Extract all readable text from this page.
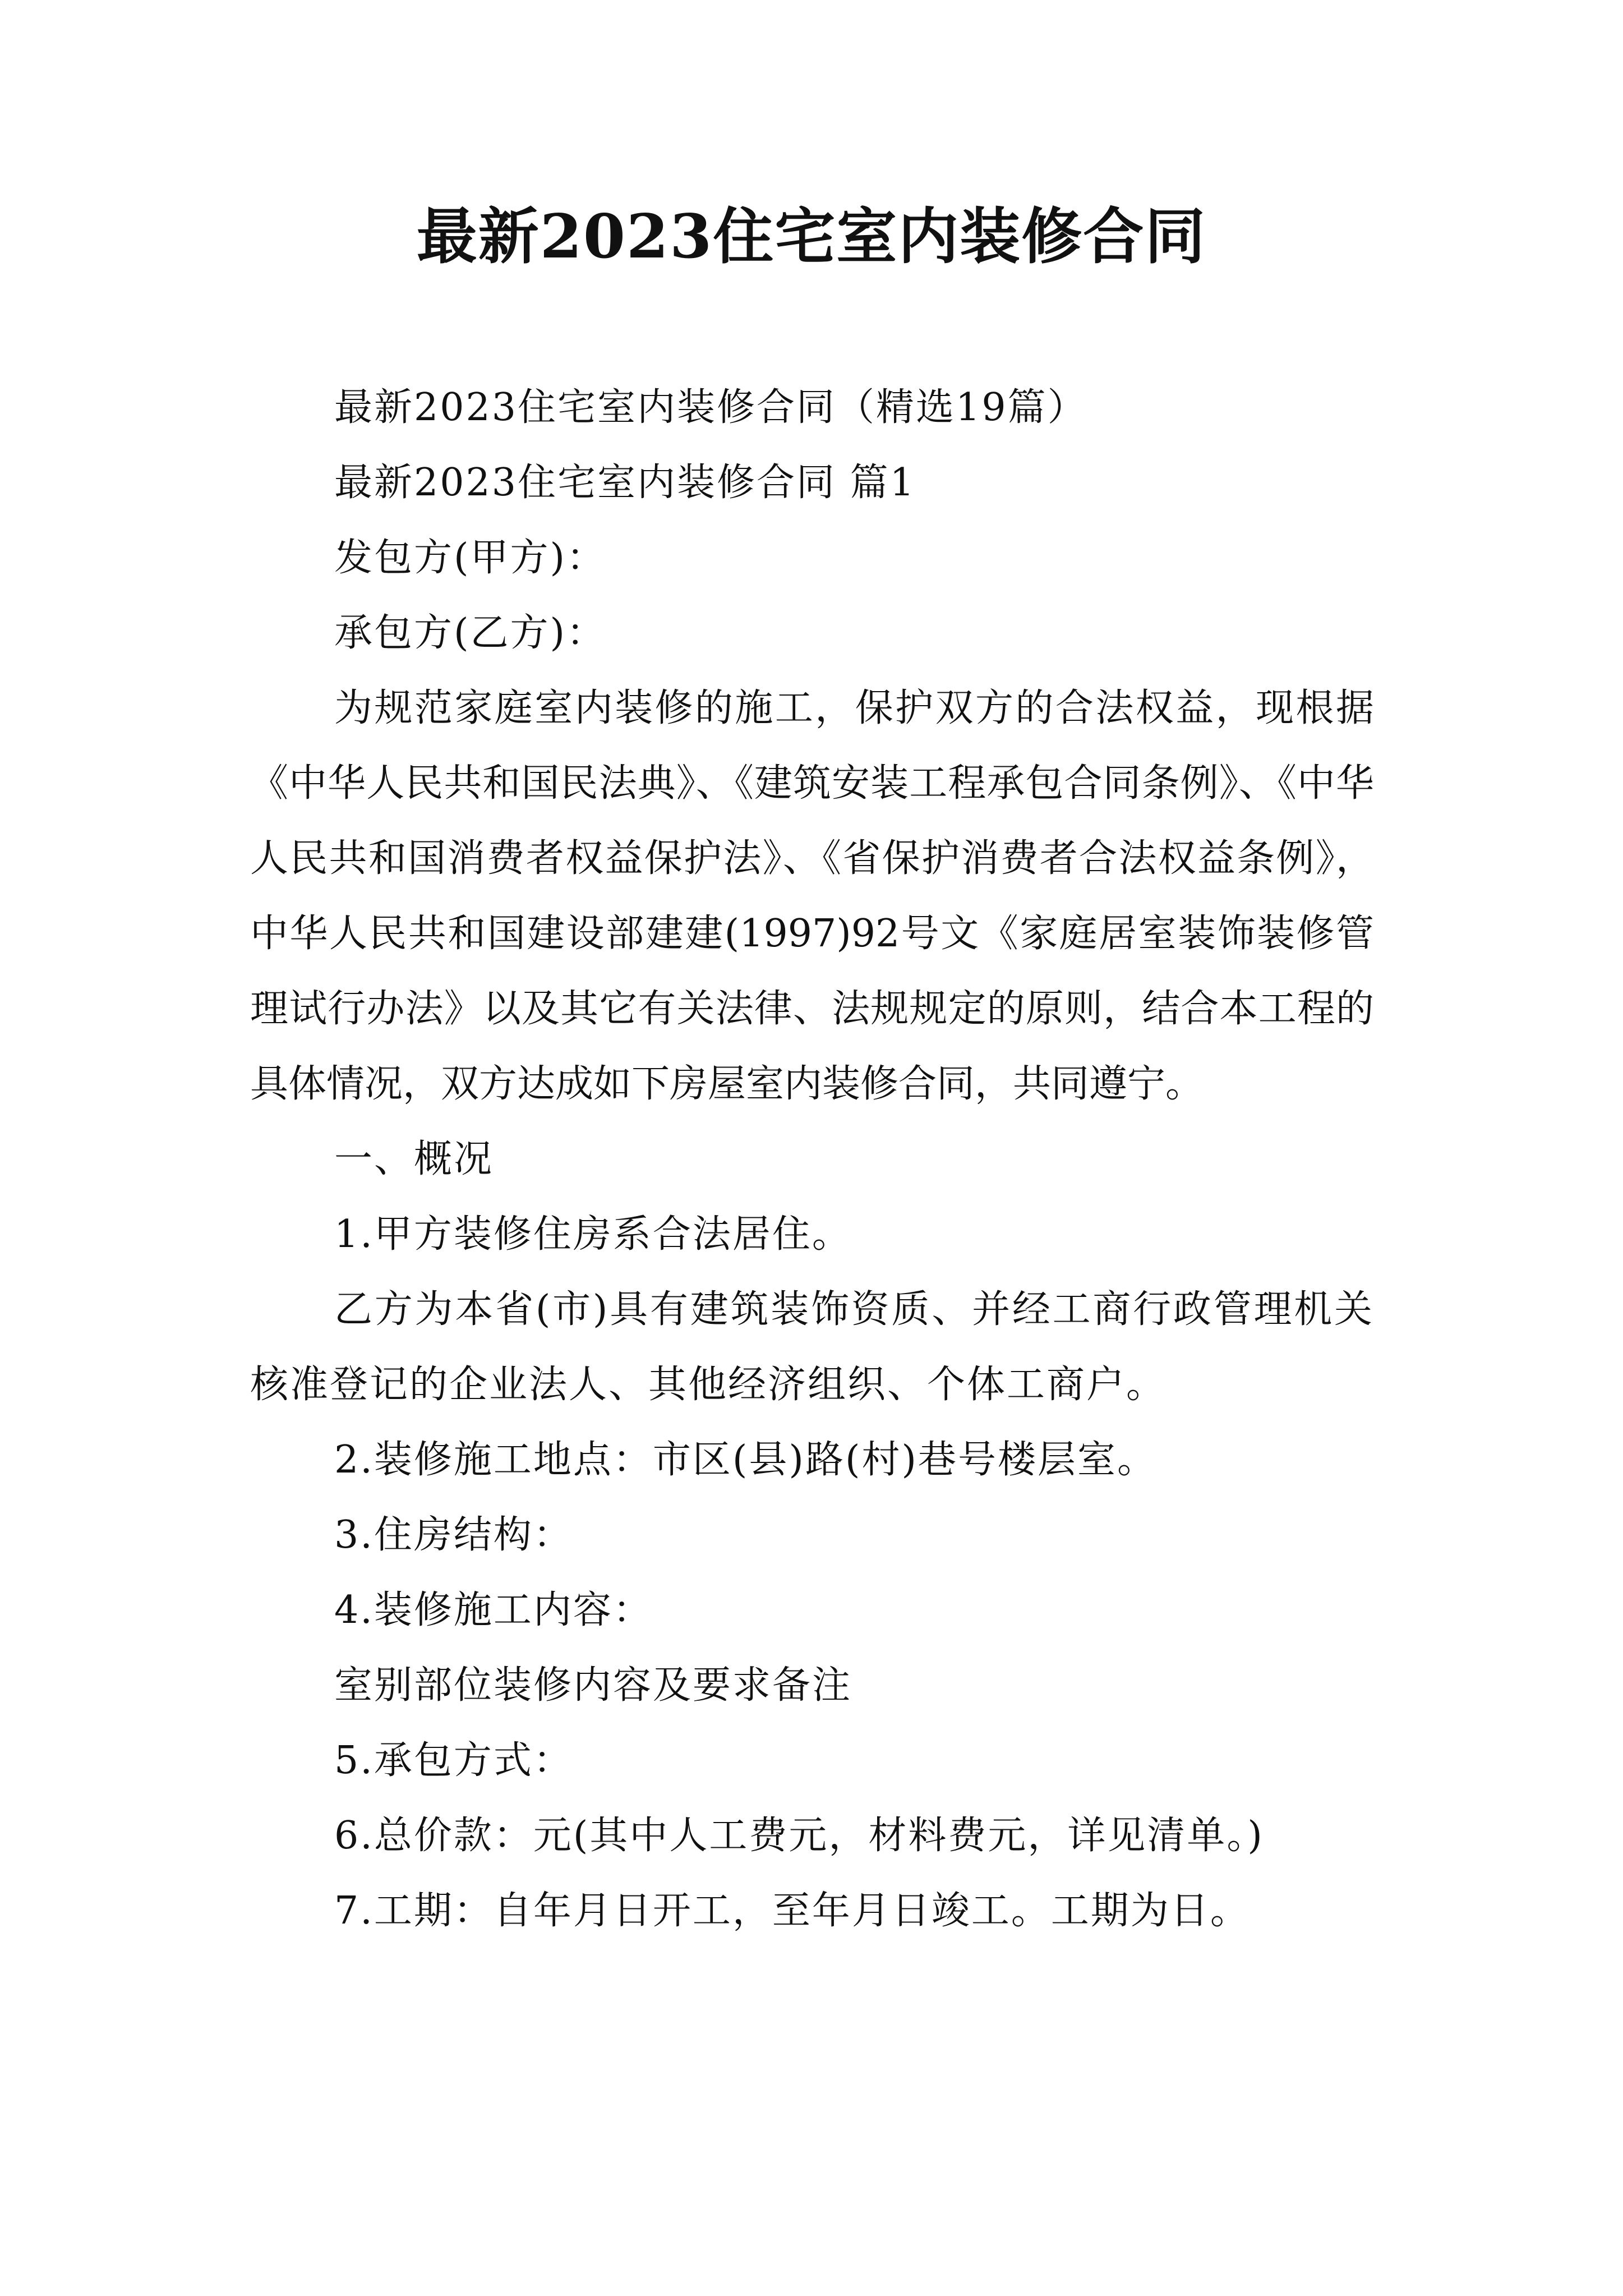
最新2023住宅室内装修合同

最新2023住宅室内装修合同（精选19篇）

最新2023住宅室内装修合同 篇1

发包方(甲方)：

承包方(乙方)：

为规范家庭室内装修的施工，保护双方的合法权益，现根据《中华人民共和国民法典》、《建筑安装工程承包合同条例》、《中华人民共和国消费者权益保护法》、《省保护消费者合法权益条例》，中华人民共和国建设部建建(1997)92号文《家庭居室装饰装修管理试行办法》以及其它有关法律、法规规定的原则，结合本工程的具体情况，双方达成如下房屋室内装修合同，共同遵宁。

一、概况

1.甲方装修住房系合法居住。

乙方为本省(市)具有建筑装饰资质、并经工商行政管理机关核准登记的企业法人、其他经济组织、个体工商户。

2.装修施工地点：市区(县)路(村)巷号楼层室。

3.住房结构：

4.装修施工内容：

室别部位装修内容及要求备注

5.承包方式：

6.总价款：元(其中人工费元，材料费元，详见清单。)

7.工期：自年月日开工，至年月日竣工。工期为日。
